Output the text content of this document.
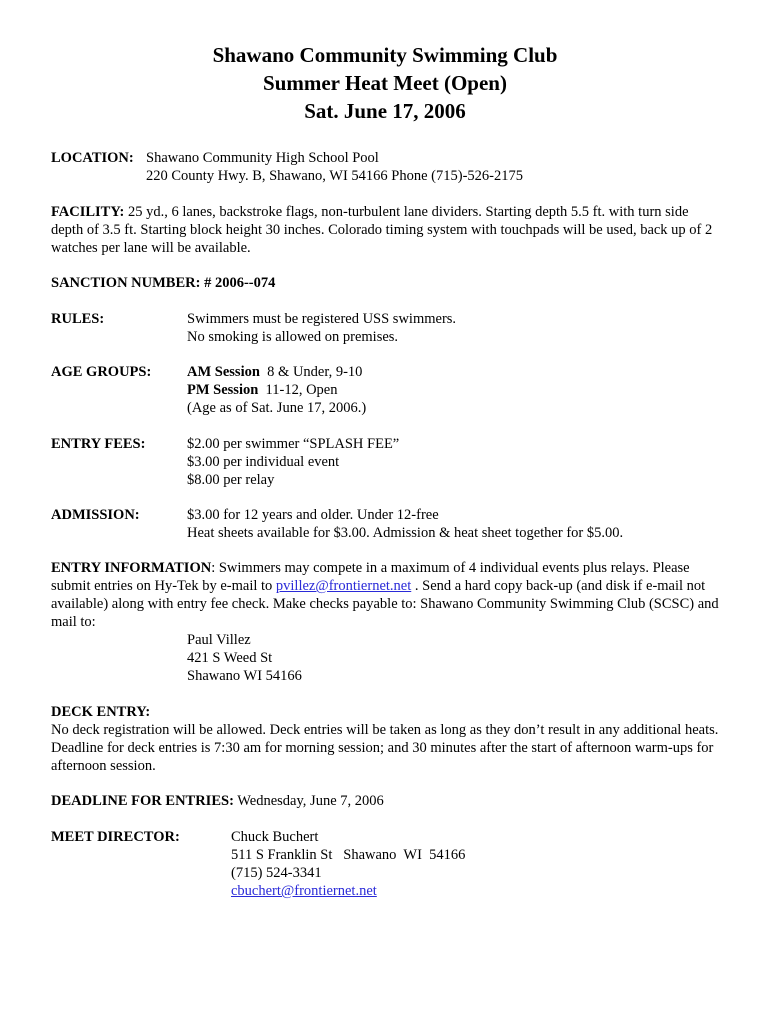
Shawano Community Swimming Club
Summer Heat Meet (Open)
Sat. June 17, 2006
LOCATION: Shawano Community High School Pool
220 County Hwy. B, Shawano, WI 54166 Phone (715)-526-2175
FACILITY: 25 yd., 6 lanes, backstroke flags, non-turbulent lane dividers. Starting depth 5.5 ft. with turn side depth of 3.5 ft. Starting block height 30 inches. Colorado timing system with touchpads will be used, back up of 2 watches per lane will be available.
SANCTION NUMBER: # 2006--074
RULES:	Swimmers must be registered USS swimmers.
No smoking is allowed on premises.
AGE GROUPS: AM Session  8 & Under, 9-10
PM Session  11-12, Open
(Age as of Sat. June 17, 2006.)
ENTRY FEES:	$2.00 per swimmer “SPLASH FEE”
$3.00 per individual event
$8.00 per relay
ADMISSION:	$3.00 for 12 years and older. Under 12-free
Heat sheets available for $3.00. Admission & heat sheet together for $5.00.
ENTRY INFORMATION: Swimmers may compete in a maximum of 4 individual events plus relays. Please submit entries on Hy-Tek by e-mail to pvillez@frontiernet.net . Send a hard copy back-up (and disk if e-mail not available) along with entry fee check. Make checks payable to: Shawano Community Swimming Club (SCSC) and mail to:
Paul Villez
421 S Weed St
Shawano WI 54166
DECK ENTRY:
No deck registration will be allowed. Deck entries will be taken as long as they don’t result in any additional heats. Deadline for deck entries is 7:30 am for morning session; and 30 minutes after the start of afternoon warm-ups for afternoon session.
DEADLINE FOR ENTRIES: Wednesday, June 7, 2006
MEET DIRECTOR:	Chuck Buchert
511 S Franklin St   Shawano  WI  54166
(715) 524-3341
cbuchert@frontiernet.net
